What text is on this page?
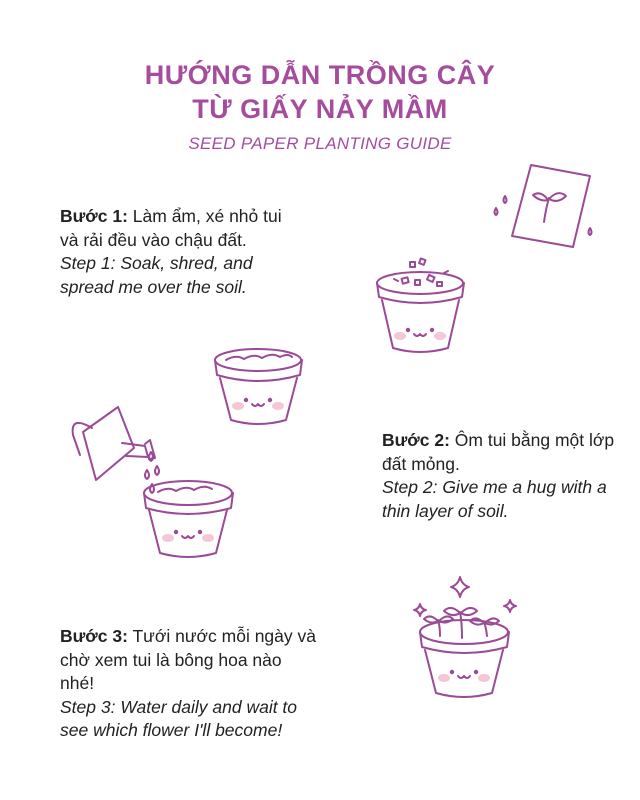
HƯỚNG DẪN TRỒNG CÂY
TỪ GIẤY NẢY MẦM
SEED PAPER PLANTING GUIDE
Bước 1: Làm ẩm, xé nhỏ tui và rải đều vào chậu đất.
Step 1: Soak, shred, and spread me over the soil.
Bước 2: Ôm tui bằng một lớp đất mỏng.
Step 2: Give me a hug with a thin layer of soil.
Bước 3: Tưới nước mỗi ngày và chờ xem tui là bông hoa nào nhé!
Step 3: Water daily and wait to see which flower I'll become!
